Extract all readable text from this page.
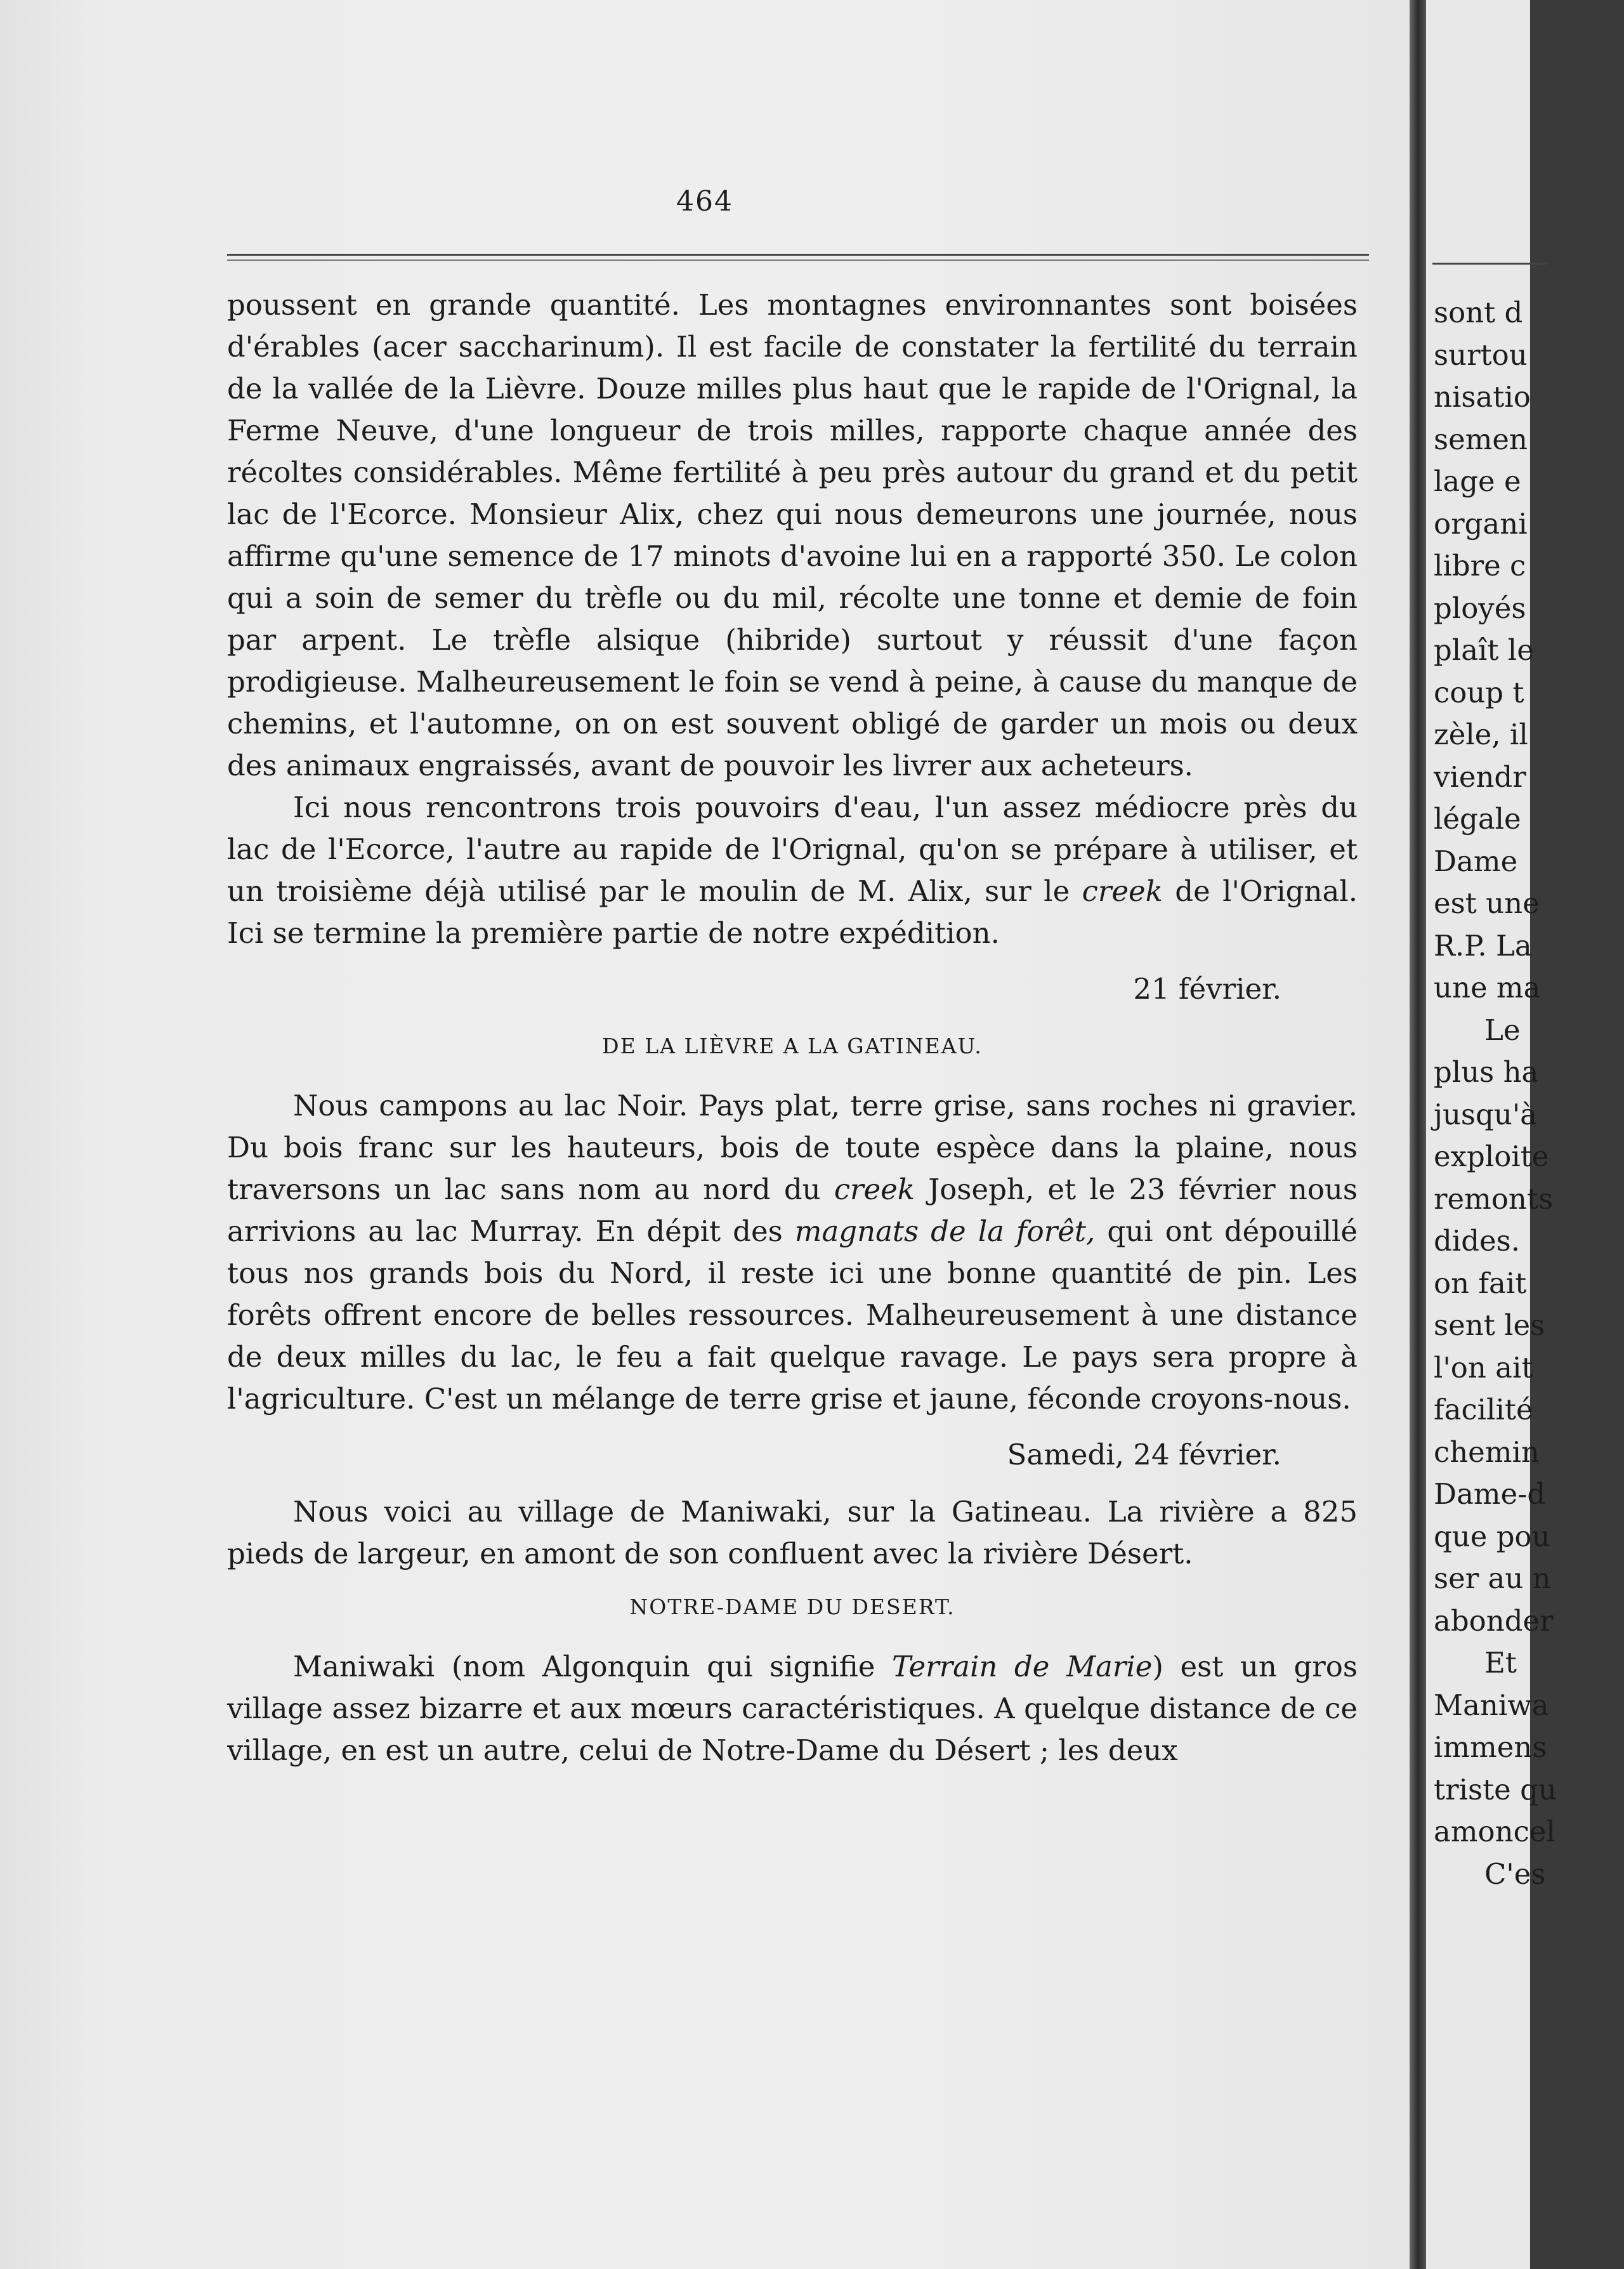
464

poussent en grande quantité. Les montagnes environnantes sont boisées d'érables (acer saccharinum). Il est facile de constater la fertilité du terrain de la vallée de la Lièvre. Douze milles plus haut que le rapide de l'Orignal, la Ferme Neuve, d'une longueur de trois milles, rapporte chaque année des récoltes considérables. Même fertilité à peu près autour du grand et du petit lac de l'Ecorce. Monsieur Alix, chez qui nous demeurons une journée, nous affirme qu'une semence de 17 minots d'avoine lui en a rapporté 350. Le colon qui a soin de semer du trèfle ou du mil, récolte une tonne et demie de foin par arpent. Le trèfle alsique (hibride) surtout y réussit d'une façon prodigieuse. Malheureusement le foin se vend à peine, à cause du manque de chemins, et l'automne, on on est souvent obligé de garder un mois ou deux des animaux engraissés, avant de pouvoir les livrer aux acheteurs.

Ici nous rencontrons trois pouvoirs d'eau, l'un assez médiocre près du lac de l'Ecorce, l'autre au rapide de l'Orignal, qu'on se prépare à utiliser, et un troisième déjà utilisé par le moulin de M. Alix, sur le creek de l'Orignal. Ici se termine la première partie de notre expédition.

21 février.
DE LA LIÈVRE A LA GATINEAU.

Nous campons au lac Noir. Pays plat, terre grise, sans roches ni gravier. Du bois franc sur les hauteurs, bois de toute espèce dans la plaine, nous traversons un lac sans nom au nord du creek Joseph, et le 23 février nous arrivions au lac Murray. En dépit des magnats de la forêt, qui ont dépouillé tous nos grands bois du Nord, il reste ici une bonne quantité de pin. Les forêts offrent encore de belles ressources. Malheureusement à une distance de deux milles du lac, le feu a fait quelque ravage. Le pays sera propre à l'agriculture. C'est un mélange de terre grise et jaune, féconde croyons-nous.

Samedi, 24 février.

Nous voici au village de Maniwaki, sur la Gatineau. La rivière a 825 pieds de largeur, en amont de son confluent avec la rivière Désert.

NOTRE-DAME DU DESERT.

Maniwaki (nom Algonquin qui signifie Terrain de Marie) est un gros village assez bizarre et aux mœurs caractéristiques. A quelque distance de ce village, en est un autre, celui de Notre-Dame du Désert ; les deux

sont d
surtou
nisatio
semen
lage e
organi
libre c
ployés
plaît le
coup t
zèle, il
viendr
légale
Dame
est une
R.P. La
une ma
Le
plus ha
jusqu'à
exploite
remonts
dides.
on fait
sent les
l'on ait
facilité
chemin
Dame-d
que pou
ser au n
abonder
Et
Maniwa
immens
triste qu
amoncel
C'es
